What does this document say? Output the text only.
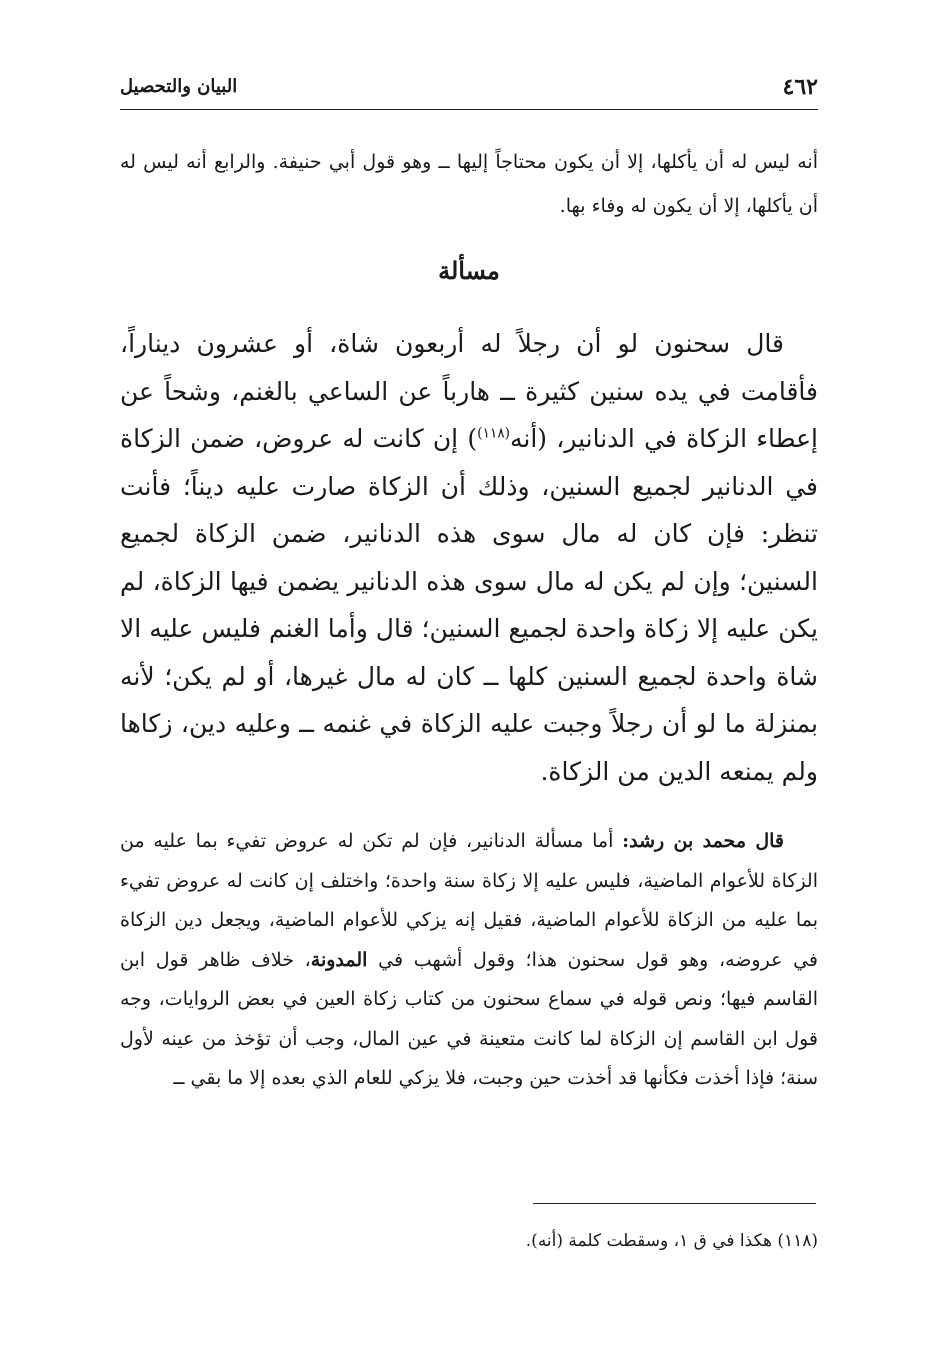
٤٦٢
البيان والتحصيل

أنه ليس له أن يأكلها، إلا أن يكون محتاجاً إليها ــ وهو قول أبي حنيفة. والرابع أنه ليس له أن يأكلها، إلا أن يكون له وفاء بها.

مسألة

قال سحنون لو أن رجلاً له أربعون شاة، أو عشرون ديناراً، فأقامت في يده سنين كثيرة ــ هارباً عن الساعي بالغنم، وشحاً عن إعطاء الزكاة في الدنانير، (أنه$^{(١١٨)}$) إن كانت له عروض، ضمن الزكاة في الدنانير لجميع السنين، وذلك أن الزكاة صارت عليه ديناً؛ فأنت تنظر: فإن كان له مال سوى هذه الدنانير، ضمن الزكاة لجميع السنين؛ وإن لم يكن له مال سوى هذه الدنانير يضمن فيها الزكاة، لم يكن عليه إلا زكاة واحدة لجميع السنين؛ قال وأما الغنم فليس عليه الا شاة واحدة لجميع السنين كلها ــ كان له مال غيرها، أو لم يكن؛ لأنه بمنزلة ما لو أن رجلاً وجبت عليه الزكاة في غنمه ــ وعليه دين، زكاها ولم يمنعه الدين من الزكاة.

قال محمد بن رشد: أما مسألة الدنانير، فإن لم تكن له عروض تفيء بما عليه من الزكاة للأعوام الماضية، فليس عليه إلا زكاة سنة واحدة؛ واختلف إن كانت له عروض تفيء بما عليه من الزكاة للأعوام الماضية، فقيل إنه يزكي للأعوام الماضية، ويجعل دين الزكاة في عروضه، وهو قول سحنون هذا؛ وقول أشهب في المدونة، خلاف ظاهر قول ابن القاسم فيها؛ ونص قوله في سماع سحنون من كتاب زكاة العين في بعض الروايات، وجه قول ابن القاسم إن الزكاة لما كانت متعينة في عين المال، وجب أن تؤخذ من عينه لأول سنة؛ فإذا أخذت فكأنها قد أخذت حين وجبت، فلا يزكي للعام الذي بعده إلا ما بقي ــ

(١١٨) هكذا في ق ١، وسقطت كلمة (أنه).
